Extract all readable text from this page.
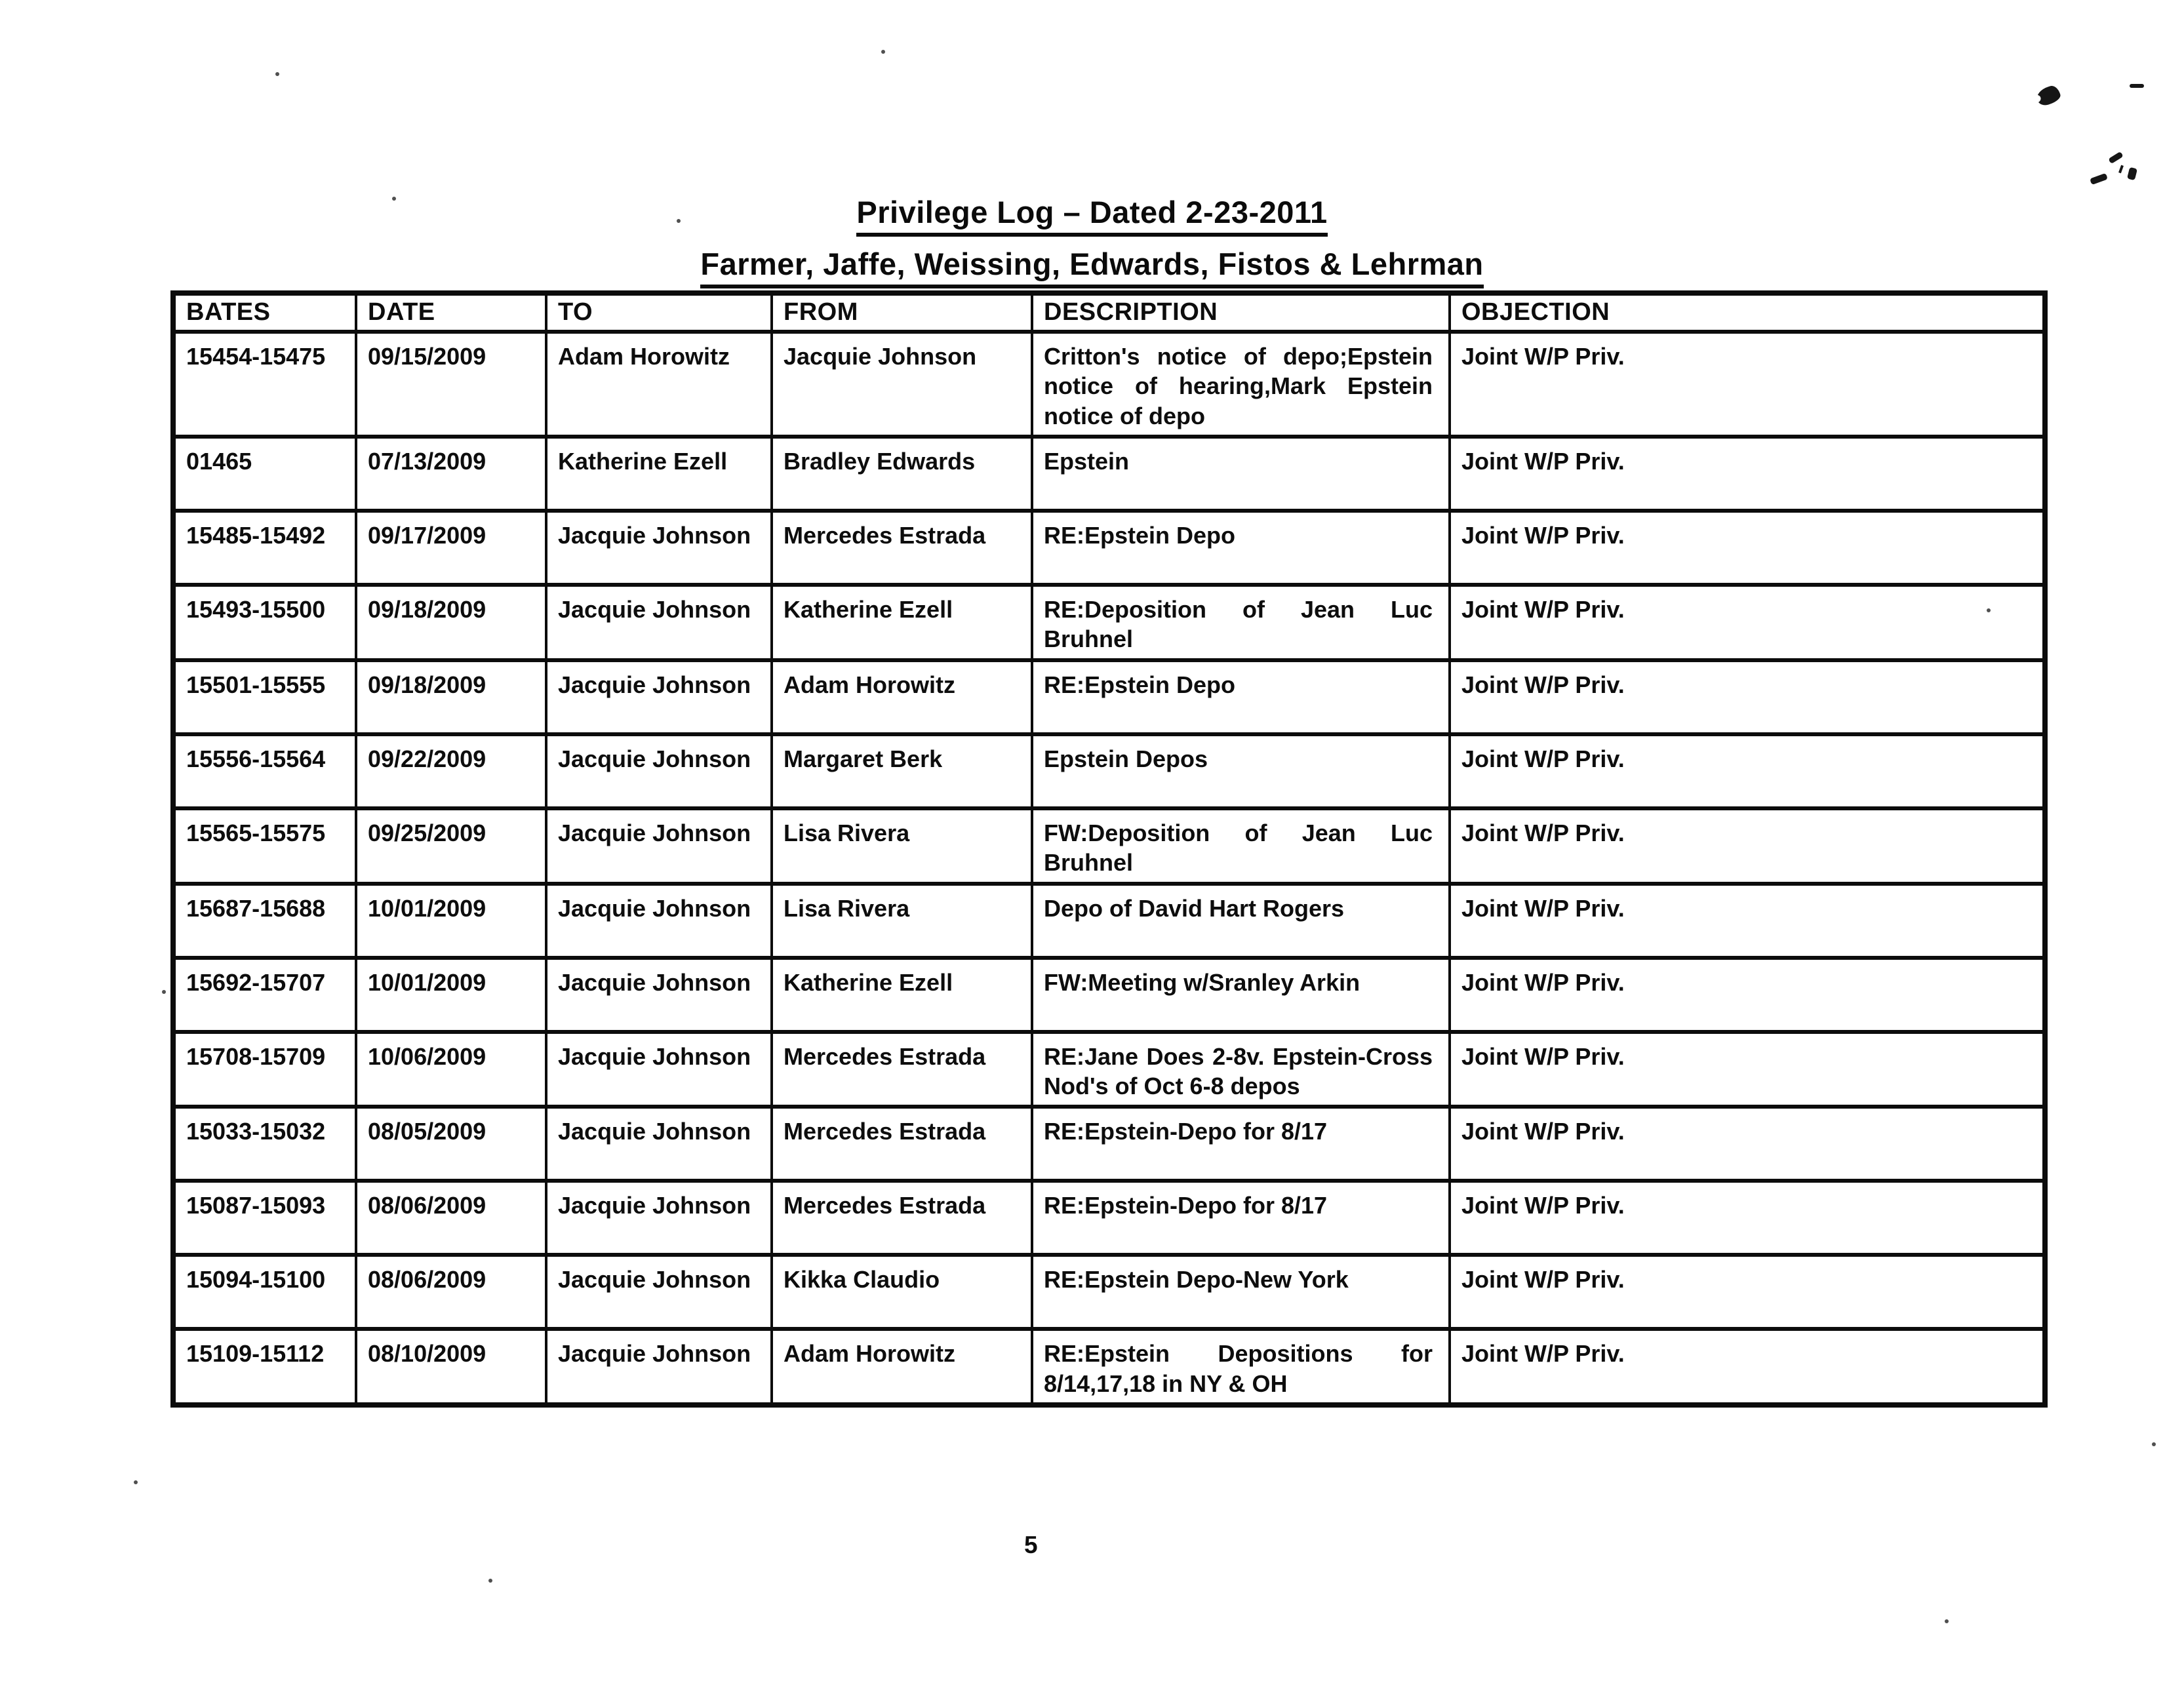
Privilege Log – Dated 2-23-2011
Farmer, Jaffe, Weissing, Edwards, Fistos & Lehrman
BATES	DATE	TO	FROM	DESCRIPTION	OBJECTION
15454-15475	09/15/2009	Adam Horowitz	Jacquie Johnson	Critton's notice of depo;Epstein notice of hearing,Mark Epstein notice of depo	Joint W/P Priv.
01465	07/13/2009	Katherine Ezell	Bradley Edwards	Epstein	Joint W/P Priv.
15485-15492	09/17/2009	Jacquie Johnson	Mercedes Estrada	RE:Epstein Depo	Joint W/P Priv.
15493-15500	09/18/2009	Jacquie Johnson	Katherine Ezell	RE:Deposition of Jean Luc Bruhnel	Joint W/P Priv.
15501-15555	09/18/2009	Jacquie Johnson	Adam Horowitz	RE:Epstein Depo	Joint W/P Priv.
15556-15564	09/22/2009	Jacquie Johnson	Margaret Berk	Epstein Depos	Joint W/P Priv.
15565-15575	09/25/2009	Jacquie Johnson	Lisa Rivera	FW:Deposition of Jean Luc Bruhnel	Joint W/P Priv.
15687-15688	10/01/2009	Jacquie Johnson	Lisa Rivera	Depo of David Hart Rogers	Joint W/P Priv.
15692-15707	10/01/2009	Jacquie Johnson	Katherine Ezell	FW:Meeting w/Sranley Arkin	Joint W/P Priv.
15708-15709	10/06/2009	Jacquie Johnson	Mercedes Estrada	RE:Jane Does 2-8v. Epstein-Cross Nod's of Oct 6-8 depos	Joint W/P Priv.
15033-15032	08/05/2009	Jacquie Johnson	Mercedes Estrada	RE:Epstein-Depo for 8/17	Joint W/P Priv.
15087-15093	08/06/2009	Jacquie Johnson	Mercedes Estrada	RE:Epstein-Depo for 8/17	Joint W/P Priv.
15094-15100	08/06/2009	Jacquie Johnson	Kikka Claudio	RE:Epstein Depo-New York	Joint W/P Priv.
15109-15112	08/10/2009	Jacquie Johnson	Adam Horowitz	RE:Epstein Depositions for 8/14,17,18 in NY & OH	Joint W/P Priv.
5
